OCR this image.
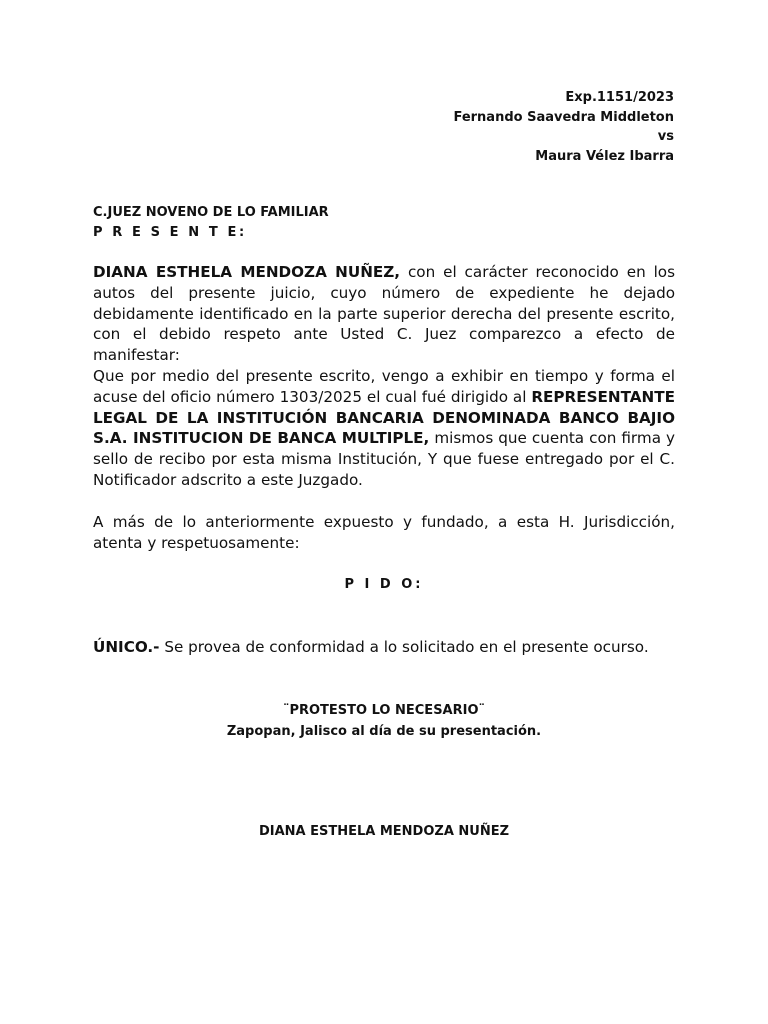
Exp.1151/2023
Fernando Saavedra Middleton
vs
Maura Vélez Ibarra
C.JUEZ NOVENO DE LO FAMILIAR
P R E S E N T E:

DIANA ESTHELA MENDOZA NUÑEZ, con el carácter reconocido en los autos del presente juicio, cuyo número de expediente he dejado debidamente identificado en la parte superior derecha del presente escrito, con el debido respeto ante Usted C. Juez comparezco a efecto de manifestar:

Que por medio del presente escrito, vengo a exhibir en tiempo y forma el acuse del oficio número 1303/2025 el cual fué dirigido al REPRESENTANTE LEGAL DE LA INSTITUCIÓN BANCARIA DENOMINADA BANCO BAJIO S.A. INSTITUCION DE BANCA MULTIPLE, mismos que cuenta con firma y sello de recibo por esta misma Institución, Y que fuese entregado por el C. Notificador adscrito a este Juzgado.

A más de lo anteriormente expuesto y fundado, a esta H. Jurisdicción, atenta y respetuosamente:

P I D O:
ÚNICO.- Se provea de conformidad a lo solicitado en el presente ocurso.
¨PROTESTO LO NECESARIO¨
Zapopan, Jalisco al día de su presentación.
DIANA ESTHELA MENDOZA NUÑEZ
